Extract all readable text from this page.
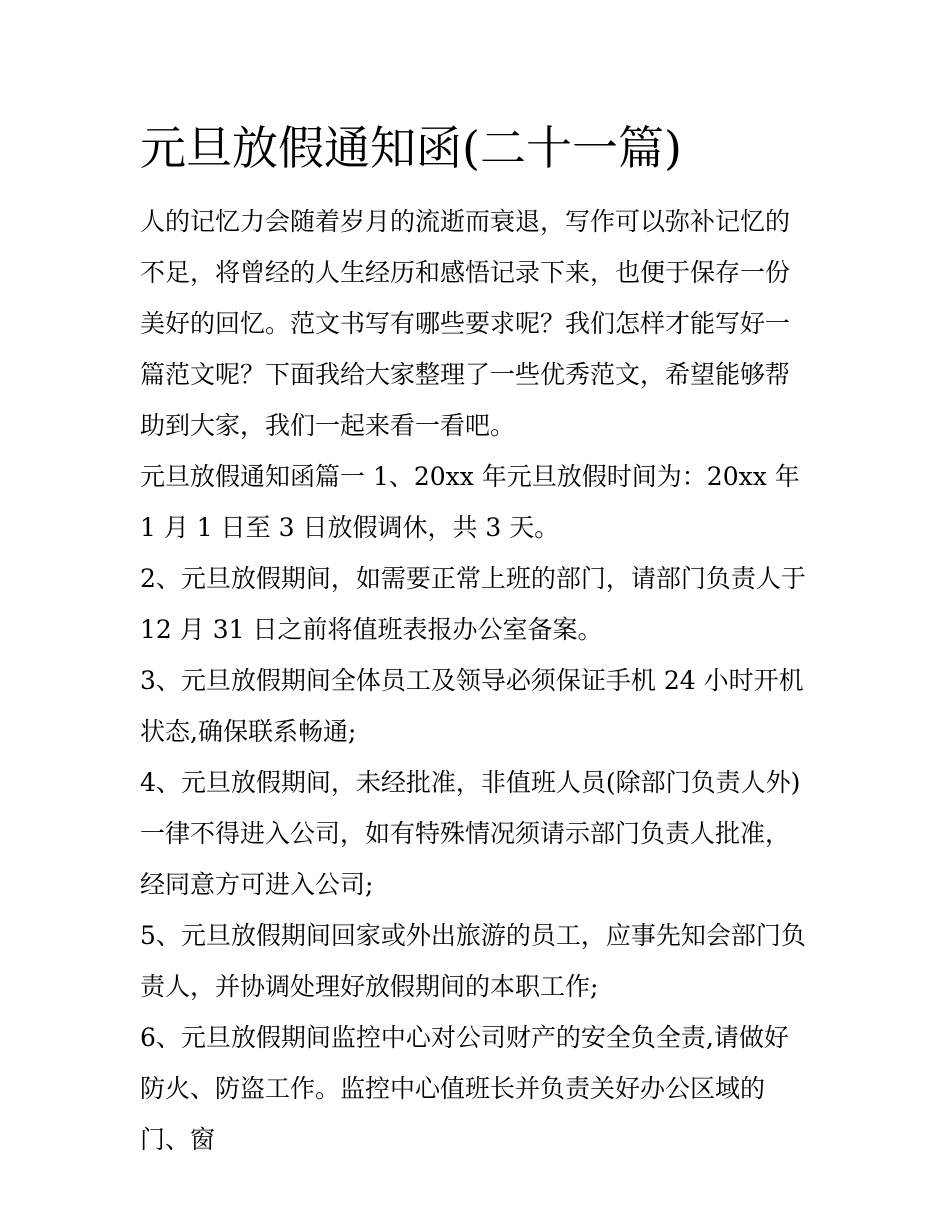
元旦放假通知函(二十一篇)

人的记忆力会随着岁月的流逝而衰退，写作可以弥补记忆的不足，将曾经的人生经历和感悟记录下来，也便于保存一份美好的回忆。范文书写有哪些要求呢？我们怎样才能写好一篇范文呢？下面我给大家整理了一些优秀范文，希望能够帮助到大家，我们一起来看一看吧。

元旦放假通知函篇一 1、20xx 年元旦放假时间为：20xx 年 1 月 1 日至 3 日放假调休，共 3 天。

2、元旦放假期间，如需要正常上班的部门，请部门负责人于 12 月 31 日之前将值班表报办公室备案。

3、元旦放假期间全体员工及领导必须保证手机 24 小时开机状态,确保联系畅通;

4、元旦放假期间，未经批准，非值班人员(除部门负责人外)一律不得进入公司，如有特殊情况须请示部门负责人批准，经同意方可进入公司;

5、元旦放假期间回家或外出旅游的员工，应事先知会部门负责人，并协调处理好放假期间的本职工作;

6、元旦放假期间监控中心对公司财产的安全负全责,请做好防火、防盗工作。监控中心值班长并负责关好办公区域的门、窗
